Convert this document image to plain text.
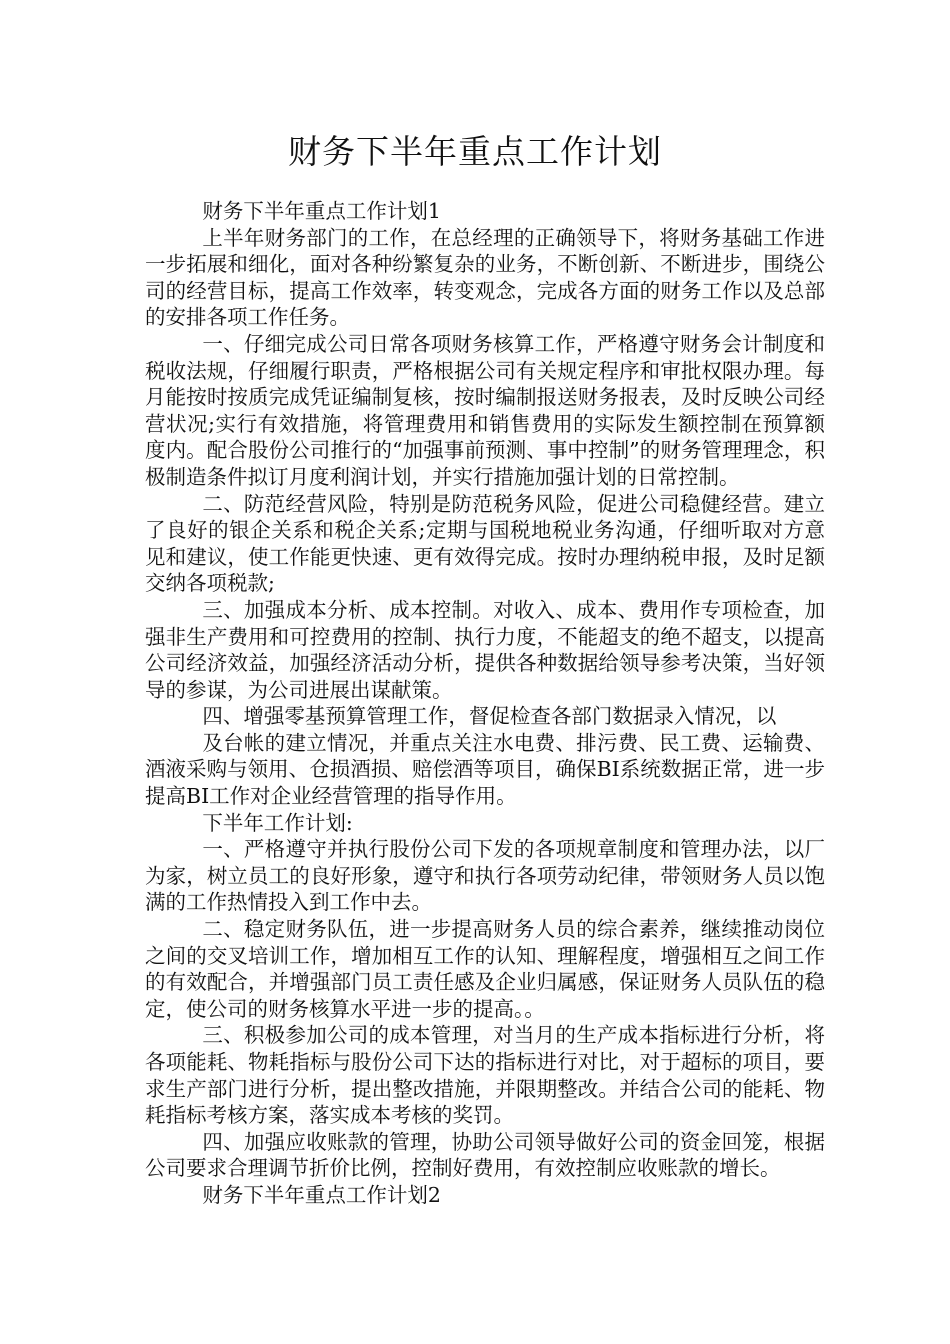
财务下半年重点工作计划

财务下半年重点工作计划1

上半年财务部门的工作，在总经理的正确领导下，将财务基础工作进一步拓展和细化，面对各种纷繁复杂的业务，不断创新、不断进步，围绕公司的经营目标，提高工作效率，转变观念，完成各方面的财务工作以及总部的安排各项工作任务。

一、仔细完成公司日常各项财务核算工作，严格遵守财务会计制度和税收法规，仔细履行职责，严格根据公司有关规定程序和审批权限办理。每月能按时按质完成凭证编制复核，按时编制报送财务报表，及时反映公司经营状况;实行有效措施，将管理费用和销售费用的实际发生额控制在预算额度内。配合股份公司推行的“加强事前预测、事中控制”的财务管理理念，积极制造条件拟订月度利润计划，并实行措施加强计划的日常控制。

二、防范经营风险，特别是防范税务风险，促进公司稳健经营。建立了良好的银企关系和税企关系;定期与国税地税业务沟通，仔细听取对方意见和建议，使工作能更快速、更有效得完成。按时办理纳税申报，及时足额交纳各项税款;

三、加强成本分析、成本控制。对收入、成本、费用作专项检查，加强非生产费用和可控费用的控制、执行力度，不能超支的绝不超支，以提高公司经济效益，加强经济活动分析，提供各种数据给领导参考决策，当好领导的参谋，为公司进展出谋献策。

四、增强零基预算管理工作，督促检查各部门数据录入情况，以

及台帐的建立情况，并重点关注水电费、排污费、民工费、运输费、酒液采购与领用、仓损酒损、赔偿酒等项目，确保BI系统数据正常，进一步提高BI工作对企业经营管理的指导作用。

下半年工作计划:

一、严格遵守并执行股份公司下发的各项规章制度和管理办法，以厂为家，树立员工的良好形象，遵守和执行各项劳动纪律，带领财务人员以饱满的工作热情投入到工作中去。

二、稳定财务队伍，进一步提高财务人员的综合素养，继续推动岗位之间的交叉培训工作，增加相互工作的认知、理解程度，增强相互之间工作的有效配合，并增强部门员工责任感及企业归属感，保证财务人员队伍的稳定，使公司的财务核算水平进一步的提高。。

三、积极参加公司的成本管理，对当月的生产成本指标进行分析，将各项能耗、物耗指标与股份公司下达的指标进行对比，对于超标的项目，要求生产部门进行分析，提出整改措施，并限期整改。并结合公司的能耗、物耗指标考核方案，落实成本考核的奖罚。

四、加强应收账款的管理，协助公司领导做好公司的资金回笼，根据公司要求合理调节折价比例，控制好费用，有效控制应收账款的增长。

财务下半年重点工作计划2
